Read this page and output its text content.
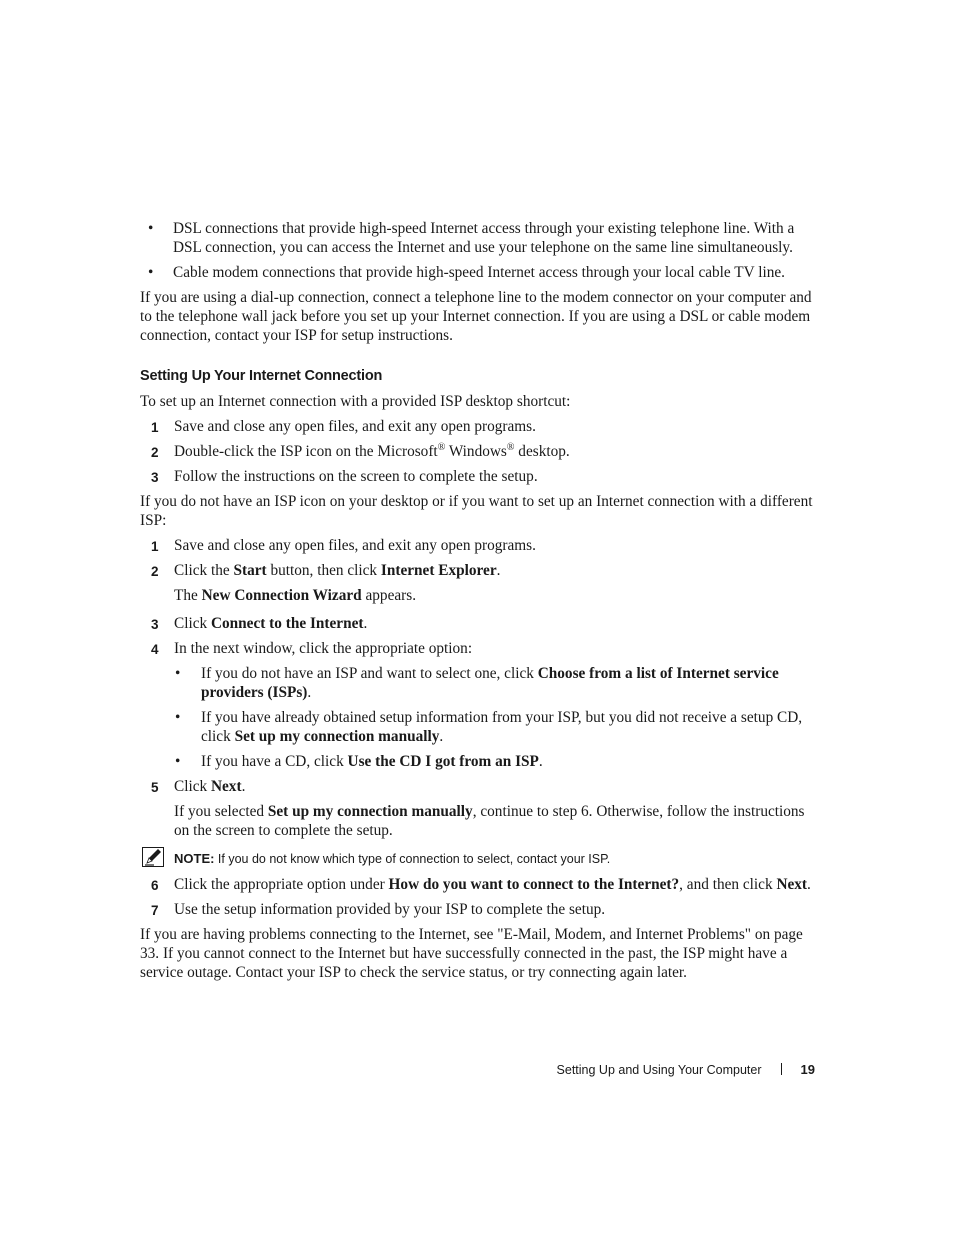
• DSL connections that provide high-speed Internet access through your existing telephone line. With a DSL connection, you can access the Internet and use your telephone on the same line simultaneously.
• Cable modem connections that provide high-speed Internet access through your local cable TV line.

If you are using a dial-up connection, connect a telephone line to the modem connector on your computer and to the telephone wall jack before you set up your Internet connection. If you are using a DSL or cable modem connection, contact your ISP for setup instructions.

Setting Up Your Internet Connection

To set up an Internet connection with a provided ISP desktop shortcut:

1 Save and close any open files, and exit any open programs.
2 Double-click the ISP icon on the Microsoft® Windows® desktop.
3 Follow the instructions on the screen to complete the setup.

If you do not have an ISP icon on your desktop or if you want to set up an Internet connection with a different ISP:

1 Save and close any open files, and exit any open programs.
2 Click the Start button, then click Internet Explorer.
The New Connection Wizard appears.
3 Click Connect to the Internet.
4 In the next window, click the appropriate option:
• If you do not have an ISP and want to select one, click Choose from a list of Internet service providers (ISPs).
• If you have already obtained setup information from your ISP, but you did not receive a setup CD, click Set up my connection manually.
• If you have a CD, click Use the CD I got from an ISP.
5 Click Next.
If you selected Set up my connection manually, continue to step 6. Otherwise, follow the instructions on the screen to complete the setup.
NOTE: If you do not know which type of connection to select, contact your ISP.
6 Click the appropriate option under How do you want to connect to the Internet?, and then click Next.
7 Use the setup information provided by your ISP to complete the setup.

If you are having problems connecting to the Internet, see "E-Mail, Modem, and Internet Problems" on page 33. If you cannot connect to the Internet but have successfully connected in the past, the ISP might have a service outage. Contact your ISP to check the service status, or try connecting again later.

Setting Up and Using Your Computer	19
